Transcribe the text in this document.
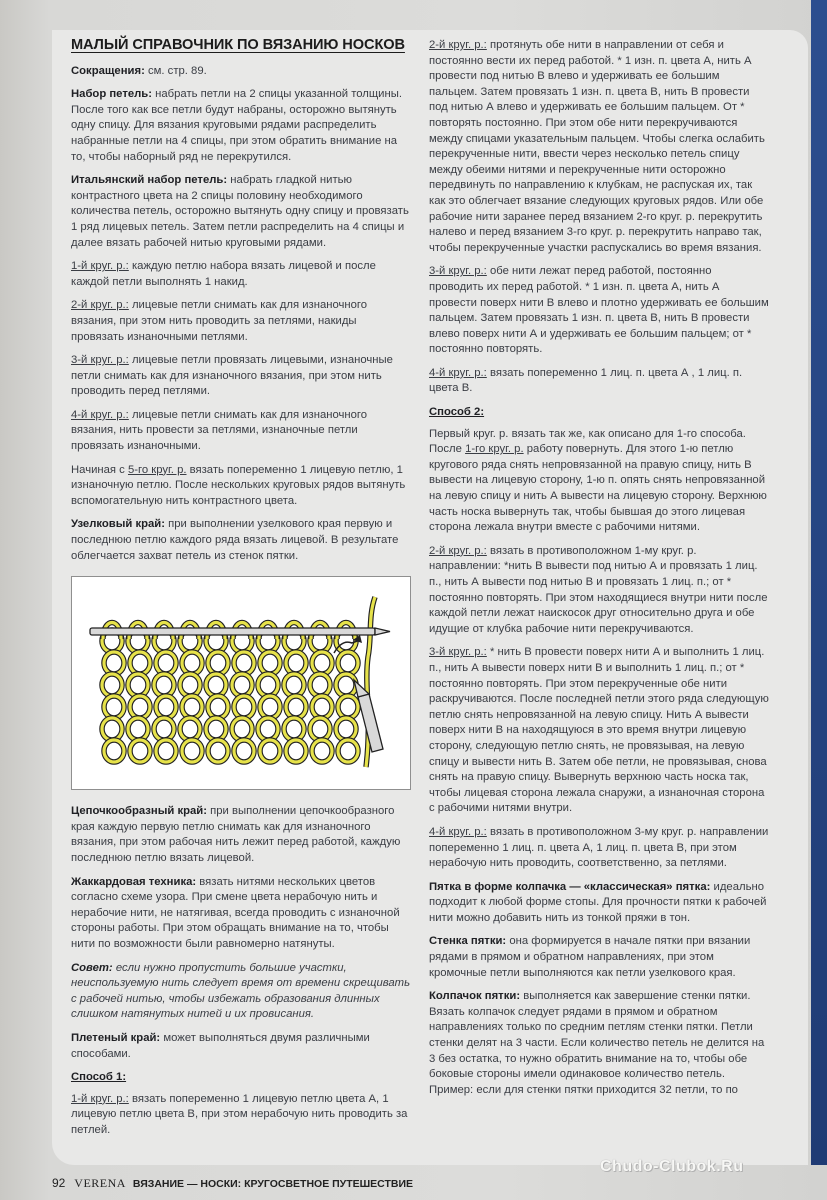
МАЛЫЙ СПРАВОЧНИК ПО ВЯЗАНИЮ НОСКОВ

Сокращения: см. стр. 89.

Набор петель: набрать петли на 2 спицы указанной толщины. После того как все петли будут набраны, осторожно вытянуть одну спицу. Для вязания круговыми рядами распределить набранные петли на 4 спицы, при этом обратить внимание на то, чтобы наборный ряд не перекрутился.

Итальянский набор петель: набрать гладкой нитью контрастного цвета на 2 спицы половину необходимого количества петель, осторожно вытянуть одну спицу и провязать 1 ряд лицевых петель. Затем петли распределить на 4 спицы и далее вязать рабочей нитью круговыми рядами.

1-й круг. р.: каждую петлю набора вязать лицевой и после каждой петли выполнять 1 накид.

2-й круг. р.: лицевые петли снимать как для изнаночного вязания, при этом нить проводить за петлями, накиды провязать изнаночными петлями.

3-й круг. р.: лицевые петли провязать лицевыми, изнаночные петли снимать как для изнаночного вязания, при этом нить проводить перед петлями.

4-й круг. р.: лицевые петли снимать как для изнаночного вязания, нить провести за петлями, изнаночные петли провязать изнаночными.

Начиная с 5-го круг. р. вязать попеременно 1 лицевую петлю, 1 изнаночную петлю. После нескольких круговых рядов вытянуть вспомогательную нить контрастного цвета.

Узелковый край: при выполнении узелкового края первую и последнюю петлю каждого ряда вязать лицевой. В результате облегчается захват петель из стенок пятки.

Цепочкообразный край: при выполнении цепочкообразного края каждую первую петлю снимать как для изнаночного вязания, при этом рабочая нить лежит перед работой, каждую последнюю петлю вязать лицевой.

Жаккардовая техника: вязать нитями нескольких цветов согласно схеме узора. При смене цвета нерабочую нить и нерабочие нити, не натягивая, всегда проводить с изнаночной стороны работы. При этом обращать внимание на то, чтобы нити по возможности были равномерно натянуты.

Совет: если нужно пропустить большие участки, неиспользуемую нить следует время от времени скрещивать с рабочей нитью, чтобы избежать образования длинных слишком натянутых нитей и их провисания.

Плетеный край: может выполняться двумя различными способами.

Способ 1:

1-й круг. р.: вязать попеременно 1 лицевую петлю цвета А, 1 лицевую петлю цвета В, при этом нерабочую нить проводить за петлей.

2-й круг. р.: протянуть обе нити в направлении от себя и постоянно вести их перед работой. * 1 изн. п. цвета А, нить А провести под нитью В влево и удерживать ее большим пальцем. Затем провязать 1 изн. п. цвета В, нить В провести под нитью А влево и удерживать ее большим пальцем. От * повторять постоянно. При этом обе нити перекручиваются между спицами указательным пальцем. Чтобы слегка ослабить перекрученные нити, ввести через несколько петель спицу между обеими нитями и перекрученные нити осторожно передвинуть по направлению к клубкам, не распуская их, так как это облегчает вязание следующих круговых рядов. Или обе рабочие нити заранее перед вязанием 2-го круг. р. перекрутить налево и перед вязанием 3-го круг. р. перекрутить направо так, чтобы перекрученные участки распускались во время вязания.

3-й круг. р.: обе нити лежат перед работой, постоянно проводить их перед работой. * 1 изн. п. цвета А, нить А провести поверх нити В влево и плотно удерживать ее большим пальцем. Затем провязать 1 изн. п. цвета В, нить В провести влево поверх нити А и удерживать ее большим пальцем; от * постоянно повторять.

4-й круг. р.: вязать попеременно 1 лиц. п. цвета А , 1 лиц. п. цвета В.

Способ 2:

Первый круг. р. вязать так же, как описано для 1-го способа. После 1-го круг. р. работу повернуть. Для этого 1-ю петлю кругового ряда снять непровязанной на правую спицу, нить В вывести на лицевую сторону, 1-ю п. опять снять непровязанной на левую спицу и нить А вывести на лицевую сторону. Верхнюю часть носка вывернуть так, чтобы бывшая до этого лицевая сторона лежала внутри вместе с рабочими нитями.

2-й круг. р.: вязать в противоположном 1-му круг. р. направлении: *нить В вывести под нитью А и провязать 1 лиц. п., нить А вывести под нитью В и провязать 1 лиц. п.; от * постоянно повторять. При этом находящиеся внутри нити после каждой петли лежат наискосок друг относительно друга и обе идущие от клубка рабочие нити перекручиваются.

3-й круг. р.: * нить В провести поверх нити А и выполнить 1 лиц. п., нить А вывести поверх нити В и выполнить 1 лиц. п.; от * постоянно повторять. При этом перекрученные обе нити раскручиваются. После последней петли этого ряда следующую петлю снять непровязанной на левую спицу. Нить А вывести поверх нити В на находящуюся в это время внутри лицевую сторону, следующую петлю снять, не провязывая, на левую спицу и вывести нить В. Затем обе петли, не провязывая, снова снять на правую спицу. Вывернуть верхнюю часть носка так, чтобы лицевая сторона лежала снаружи, а изнаночная сторона с рабочими нитями внутри.

4-й круг. р.: вязать в противоположном 3-му круг. р. направлении попеременно 1 лиц. п. цвета А, 1 лиц. п. цвета В, при этом нерабочую нить проводить, соответственно, за петлями.

Пятка в форме колпачка — «классическая» пятка: идеально подходит к любой форме стопы. Для прочности пятки к рабочей нити можно добавить нить из тонкой пряжи в тон.

Стенка пятки: она формируется в начале пятки при вязании рядами в прямом и обратном направлениях, при этом кромочные петли выполняются как петли узелкового края.

Колпачок пятки: выполняется как завершение стенки пятки. Вязать колпачок следует рядами в прямом и обратном направлениях только по средним петлям стенки пятки. Петли стенки делят на 3 части. Если количество петель не делится на 3 без остатка, то нужно обратить внимание на то, чтобы обе боковые стороны имели одинаковое количество петель. Пример: если для стенки пятки приходится 32 петли, то по

92 VERENA ВЯЗАНИЕ — НОСКИ: КРУГОСВЕТНОЕ ПУТЕШЕСТВИЕ
Chudo-Clubok.Ru
